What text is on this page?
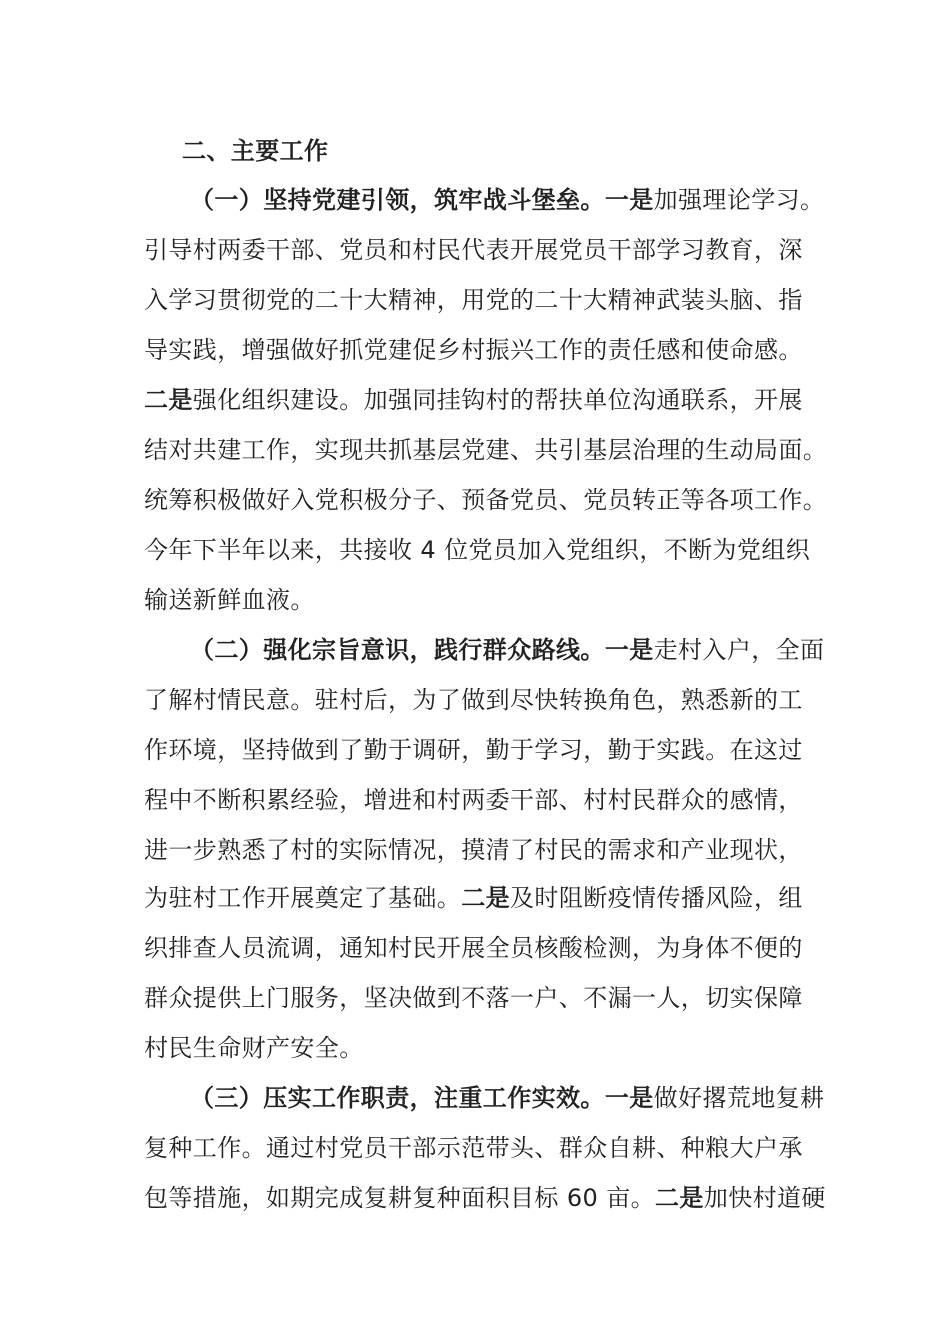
二、主要工作
（一）坚持党建引领，筑牢战斗堡垒。一是加强理论学习。
引导村两委干部、党员和村民代表开展党员干部学习教育，深
入学习贯彻党的二十大精神，用党的二十大精神武装头脑、指
导实践，增强做好抓党建促乡村振兴工作的责任感和使命感。
二是强化组织建设。加强同挂钩村的帮扶单位沟通联系，开展
结对共建工作，实现共抓基层党建、共引基层治理的生动局面。
统筹积极做好入党积极分子、预备党员、党员转正等各项工作。
今年下半年以来，共接收 4 位党员加入党组织，不断为党组织
输送新鲜血液。
（二）强化宗旨意识，践行群众路线。一是走村入户，全面
了解村情民意。驻村后，为了做到尽快转换角色，熟悉新的工
作环境，坚持做到了勤于调研，勤于学习，勤于实践。在这过
程中不断积累经验，增进和村两委干部、村村民群众的感情，
进一步熟悉了村的实际情况，摸清了村民的需求和产业现状，
为驻村工作开展奠定了基础。二是及时阻断疫情传播风险，组
织排查人员流调，通知村民开展全员核酸检测，为身体不便的
群众提供上门服务，坚决做到不落一户、不漏一人，切实保障
村民生命财产安全。
（三）压实工作职责，注重工作实效。一是做好撂荒地复耕
复种工作。通过村党员干部示范带头、群众自耕、种粮大户承
包等措施，如期完成复耕复种面积目标 60 亩。二是加快村道硬
